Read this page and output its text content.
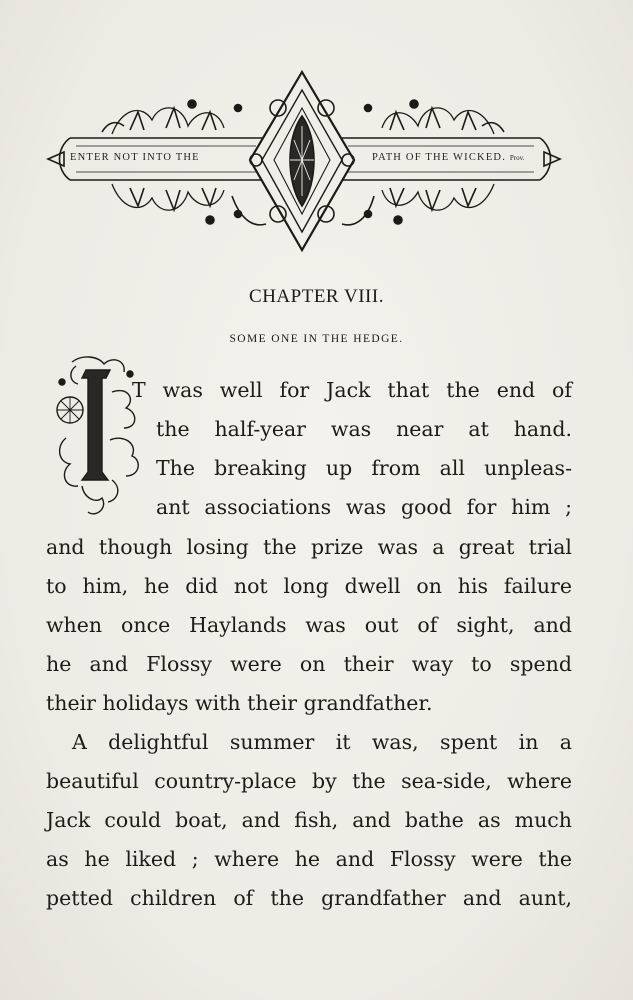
ENTER NOT INTO THE	PATH OF THE WICKED. Prov.
CHAPTER VIII.
SOME ONE IN THE HEDGE.
T was well for Jack that the end of
the half-year was near at hand.
The breaking up from all unpleas-
ant associations was good for him ;
and though losing the prize was a great trial
to him, he did not long dwell on his failure
when once Haylands was out of sight, and
he and Flossy were on their way to spend
their holidays with their grandfather.
A delightful summer it was, spent in a
beautiful country-place by the sea-side, where
Jack could boat, and fish, and bathe as much
as he liked ; where he and Flossy were the
petted children of the grandfather and aunt,
